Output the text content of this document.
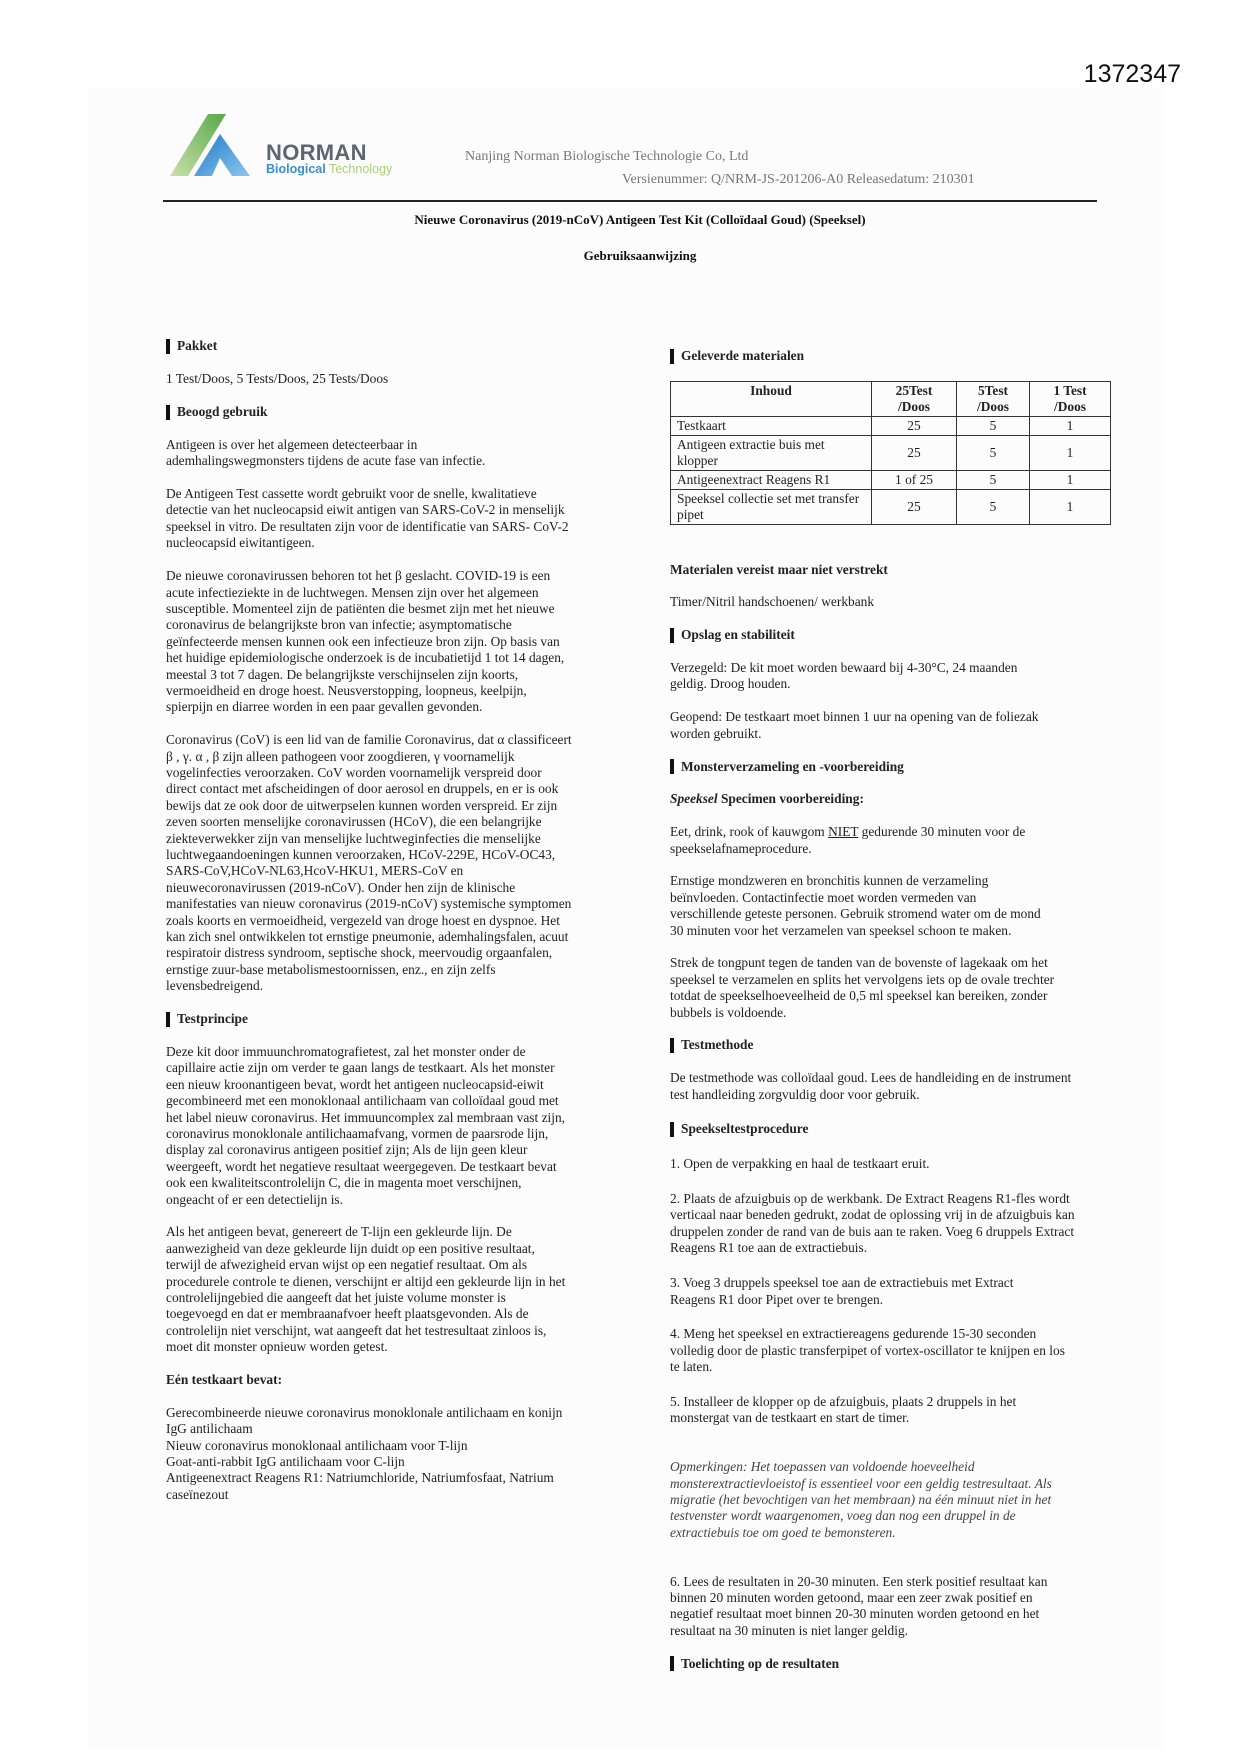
1372347
NORMAN
Biological Technology
Nanjing Norman Biologische Technologie Co, Ltd
Versienummer: Q/NRM-JS-201206-A0 Releasedatum: 210301
Nieuwe Coronavirus (2019-nCoV) Antigeen Test Kit (Colloïdaal Goud) (Speeksel)
Gebruiksaanwijzing

Pakket

1 Test/Doos, 5 Tests/Doos, 25 Tests/Doos

Beoogd gebruik

Antigeen is over het algemeen detecteerbaar in
ademhalingswegmonsters tijdens de acute fase van infectie.

De Antigeen Test cassette wordt gebruikt voor de snelle, kwalitatieve
detectie van het nucleocapsid eiwit antigen van SARS-CoV-2 in menselijk
speeksel in vitro. De resultaten zijn voor de identificatie van SARS- CoV-2
nucleocapsid eiwitantigeen.

De nieuwe coronavirussen behoren tot het β geslacht. COVID-19 is een
acute infectieziekte in de luchtwegen. Mensen zijn over het algemeen
susceptible. Momenteel zijn de patiënten die besmet zijn met het nieuwe
coronavirus de belangrijkste bron van infectie; asymptomatische
geïnfecteerde mensen kunnen ook een infectieuze bron zijn. Op basis van
het huidige epidemiologische onderzoek is de incubatietijd 1 tot 14 dagen,
meestal 3 tot 7 dagen. De belangrijkste verschijnselen zijn koorts,
vermoeidheid en droge hoest. Neusverstopping, loopneus, keelpijn,
spierpijn en diarree worden in een paar gevallen gevonden.

Coronavirus (CoV) is een lid van de familie Coronavirus, dat α classificeert
β , γ. α , β zijn alleen pathogeen voor zoogdieren, γ voornamelijk
vogelinfecties veroorzaken. CoV worden voornamelijk verspreid door
direct contact met afscheidingen of door aerosol en druppels, en er is ook
bewijs dat ze ook door de uitwerpselen kunnen worden verspreid. Er zijn
zeven soorten menselijke coronavirussen (HCoV), die een belangrijke
ziekteverwekker zijn van menselijke luchtweginfecties die menselijke
luchtwegaandoeningen kunnen veroorzaken, HCoV-229E, HCoV-OC43,
SARS-CoV,HCoV-NL63,HcoV-HKU1, MERS-CoV en
nieuwecoronavirussen (2019-nCoV). Onder hen zijn de klinische
manifestaties van nieuw coronavirus (2019-nCoV) systemische symptomen
zoals koorts en vermoeidheid, vergezeld van droge hoest en dyspnoe. Het
kan zich snel ontwikkelen tot ernstige pneumonie, ademhalingsfalen, acuut
respiratoir distress syndroom, septische shock, meervoudig orgaanfalen,
ernstige zuur-base metabolismestoornissen, enz., en zijn zelfs
levensbedreigend.

Testprincipe

Deze kit door immuunchromatografietest, zal het monster onder de
capillaire actie zijn om verder te gaan langs de testkaart. Als het monster
een nieuw kroonantigeen bevat, wordt het antigeen nucleocapsid-eiwit
gecombineerd met een monoklonaal antilichaam van colloïdaal goud met
het label nieuw coronavirus. Het immuuncomplex zal membraan vast zijn,
coronavirus monoklonale antilichaamafvang, vormen de paarsrode lijn,
display zal coronavirus antigeen positief zijn; Als de lijn geen kleur
weergeeft, wordt het negatieve resultaat weergegeven. De testkaart bevat
ook een kwaliteitscontrolelijn C, die in magenta moet verschijnen,
ongeacht of er een detectielijn is.

Als het antigeen bevat, genereert de T-lijn een gekleurde lijn. De
aanwezigheid van deze gekleurde lijn duidt op een positive resultaat,
terwijl de afwezigheid ervan wijst op een negatief resultaat. Om als
procedurele controle te dienen, verschijnt er altijd een gekleurde lijn in het
controlelijngebied die aangeeft dat het juiste volume monster is
toegevoegd en dat er membraanafvoer heeft plaatsgevonden. Als de
controlelijn niet verschijnt, wat aangeeft dat het testresultaat zinloos is,
moet dit monster opnieuw worden getest.

Eén testkaart bevat:

Gerecombineerde nieuwe coronavirus monoklonale antilichaam en konijn
IgG antilichaam
Nieuw coronavirus monoklonaal antilichaam voor T-lijn
Goat-anti-rabbit IgG antilichaam voor C-lijn
Antigeenextract Reagens R1: Natriumchloride, Natriumfosfaat, Natrium
caseïnezout

Geleverde materialen

Inhoud	25Test /Doos	5Test /Doos	1 Test /Doos
Testkaart	25	5	1
Antigeen extractie buis met klopper	25	5	1
Antigeenextract Reagens R1	1 of 25	5	1
Speeksel collectie set met transfer pipet	25	5	1

Materialen vereist maar niet verstrekt

Timer/Nitril handschoenen/ werkbank

Opslag en stabiliteit

Verzegeld: De kit moet worden bewaard bij 4-30°C, 24 maanden
geldig. Droog houden.

Geopend: De testkaart moet binnen 1 uur na opening van de foliezak
worden gebruikt.

Monsterverzameling en -voorbereiding

Speeksel Specimen voorbereiding:

Eet, drink, rook of kauwgom NIET gedurende 30 minuten voor de
speekselafnameprocedure.

Ernstige mondzweren en bronchitis kunnen de verzameling
beïnvloeden. Contactinfectie moet worden vermeden van
verschillende geteste personen. Gebruik stromend water om de mond
30 minuten voor het verzamelen van speeksel schoon te maken.

Strek de tongpunt tegen de tanden van de bovenste of lagekaak om het
speeksel te verzamelen en splits het vervolgens iets op de ovale trechter
totdat de speekselhoeveelheid de 0,5 ml speeksel kan bereiken, zonder
bubbels is voldoende.

Testmethode

De testmethode was colloïdaal goud. Lees de handleiding en de instrument
test handleiding zorgvuldig door voor gebruik.

Speekseltestprocedure

1. Open de verpakking en haal de testkaart eruit.

2. Plaats de afzuigbuis op de werkbank. De Extract Reagens R1-fles wordt
verticaal naar beneden gedrukt, zodat de oplossing vrij in de afzuigbuis kan
druppelen zonder de rand van de buis aan te raken. Voeg 6 druppels Extract
Reagens R1 toe aan de extractiebuis.

3. Voeg 3 druppels speeksel toe aan de extractiebuis met Extract
Reagens R1 door Pipet over te brengen.

4. Meng het speeksel en extractiereagens gedurende 15-30 seconden
volledig door de plastic transferpipet of vortex-oscillator te knijpen en los
te laten.

5. Installeer de klopper op de afzuigbuis, plaats 2 druppels in het
monstergat van de testkaart en start de timer.

Opmerkingen: Het toepassen van voldoende hoeveelheid
monsterextractievloeistof is essentieel voor een geldig testresultaat. Als
migratie (het bevochtigen van het membraan) na één minuut niet in het
testvenster wordt waargenomen, voeg dan nog een druppel in de
extractiebuis toe om goed te bemonsteren.

6. Lees de resultaten in 20-30 minuten. Een sterk positief resultaat kan
binnen 20 minuten worden getoond, maar een zeer zwak positief en
negatief resultaat moet binnen 20-30 minuten worden getoond en het
resultaat na 30 minuten is niet langer geldig.

Toelichting op de resultaten
